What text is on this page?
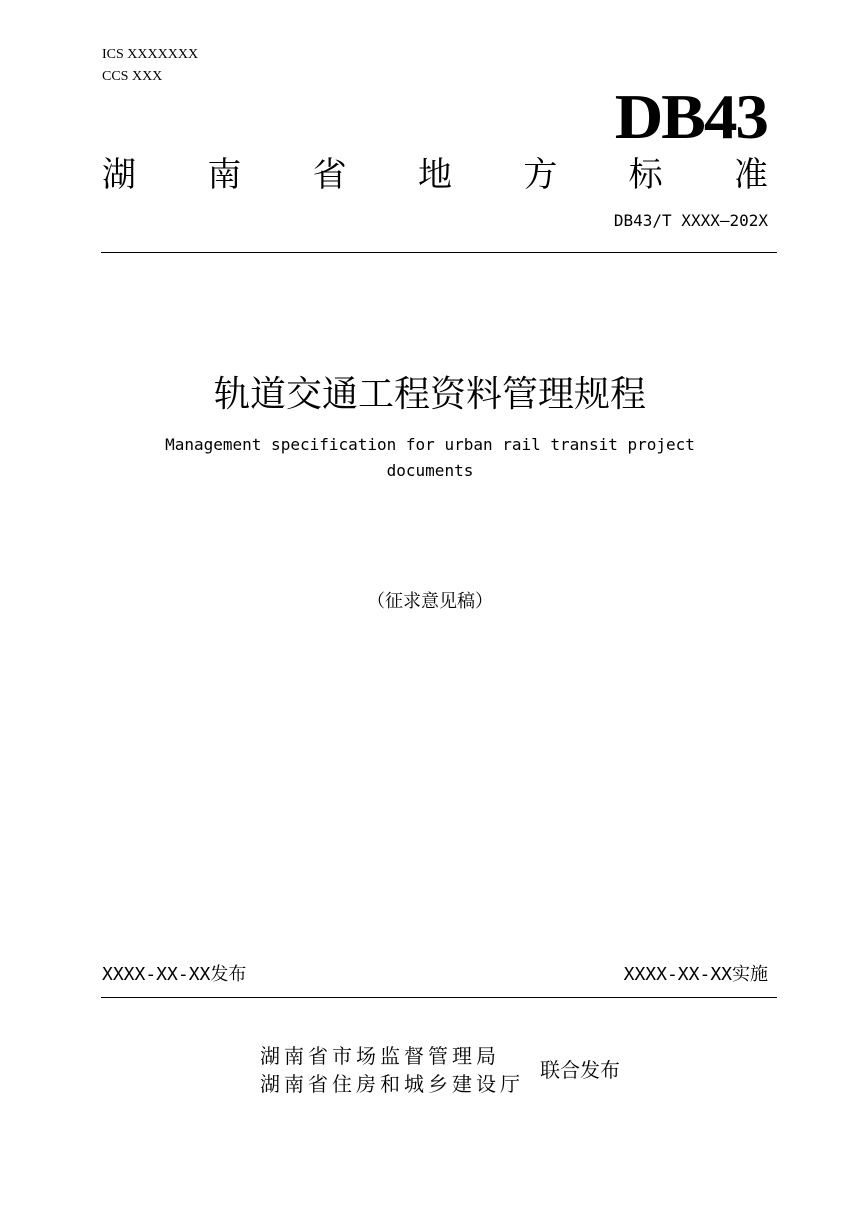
ICS XXXXXXX
CCS XXX
DB43
湖 南 省 地 方 标 准
DB43/T XXXX—202X
轨道交通工程资料管理规程
Management specification for urban rail transit project documents
（征求意见稿）
XXXX-XX-XX发布	XXXX-XX-XX实施
湖南省市场监督管理局
湖南省住房和城乡建设厅
联合发布
